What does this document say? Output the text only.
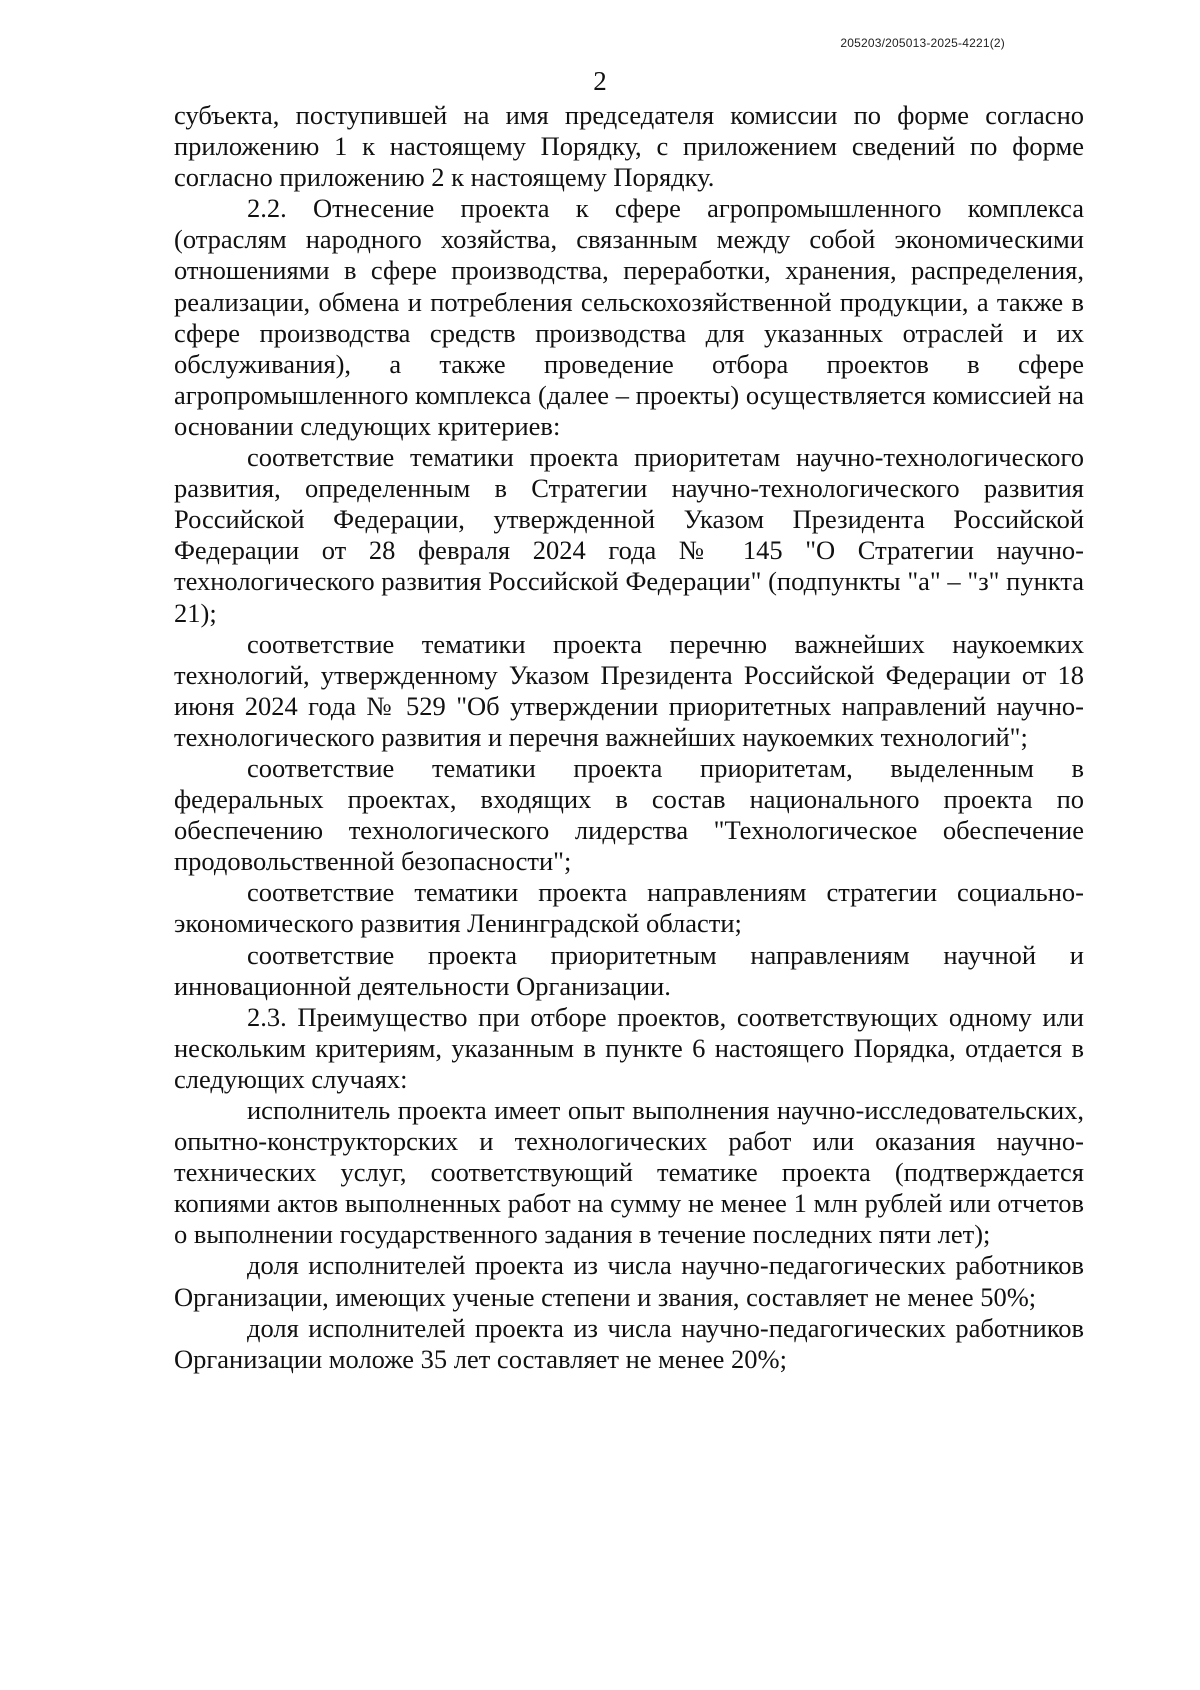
205203/205013-2025-4221(2)
2

субъекта, поступившей на имя председателя комиссии по форме согласно приложению 1 к настоящему Порядку, с приложением сведений по форме согласно приложению 2 к настоящему Порядку.

2.2. Отнесение проекта к сфере агропромышленного комплекса (отраслям народного хозяйства, связанным между собой экономическими отношениями в сфере производства, переработки, хранения, распределения, реализации, обмена и потребления сельскохозяйственной продукции, а также в сфере производства средств производства для указанных отраслей и их обслуживания), а также проведение отбора проектов в сфере агропромышленного комплекса (далее – проекты) осуществляется комиссией на основании следующих критериев:

соответствие тематики проекта приоритетам научно-технологического развития, определенным в Стратегии научно-технологического развития Российской Федерации, утвержденной Указом Президента Российской Федерации от 28 февраля 2024 года № 145 "О Стратегии научно-технологического развития Российской Федерации" (подпункты "а" – "з" пункта 21);

соответствие тематики проекта перечню важнейших наукоемких технологий, утвержденному Указом Президента Российской Федерации от 18 июня 2024 года № 529 "Об утверждении приоритетных направлений научно-технологического развития и перечня важнейших наукоемких технологий";

соответствие тематики проекта приоритетам, выделенным в федеральных проектах, входящих в состав национального проекта по обеспечению технологического лидерства "Технологическое обеспечение продовольственной безопасности";

соответствие тематики проекта направлениям стратегии социально-экономического развития Ленинградской области;

соответствие проекта приоритетным направлениям научной и инновационной деятельности Организации.

2.3. Преимущество при отборе проектов, соответствующих одному или нескольким критериям, указанным в пункте 6 настоящего Порядка, отдается в следующих случаях:

исполнитель проекта имеет опыт выполнения научно-исследовательских, опытно-конструкторских и технологических работ или оказания научно-технических услуг, соответствующий тематике проекта (подтверждается копиями актов выполненных работ на сумму не менее 1 млн рублей или отчетов о выполнении государственного задания в течение последних пяти лет);

доля исполнителей проекта из числа научно-педагогических работников Организации, имеющих ученые степени и звания, составляет не менее 50%;

доля исполнителей проекта из числа научно-педагогических работников Организации моложе 35 лет составляет не менее 20%;
